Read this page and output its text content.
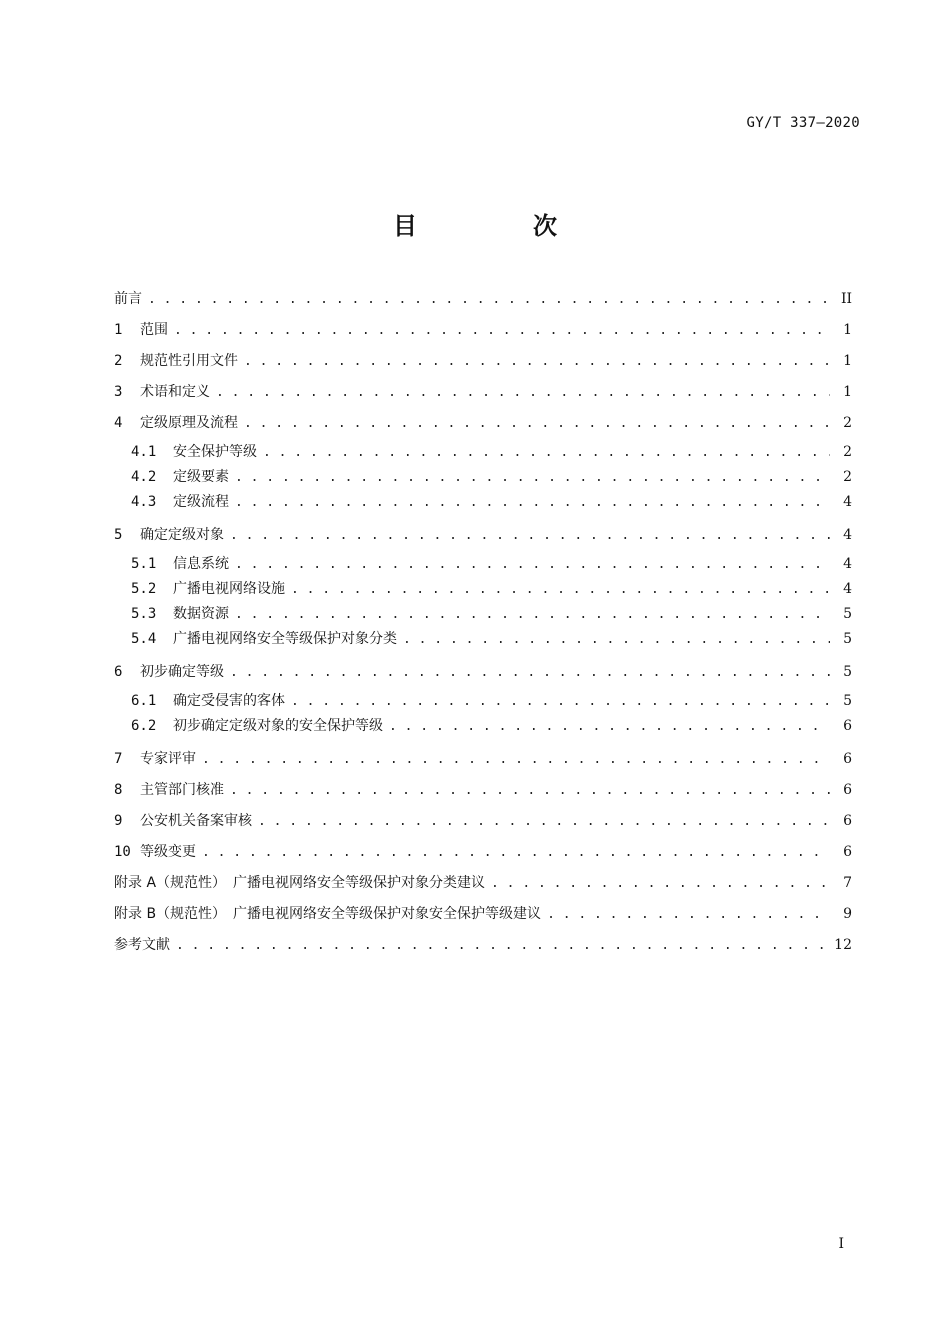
GY/T 337—2020
目　次
前言 . . .	II
1	范围 . . .	1
2	规范性引用文件 . . .	1
3	术语和定义 . . .	1
4	定级原理及流程 . . .	2
4.1	安全保护等级 . . .	2
4.2	定级要素 . . .	2
4.3	定级流程 . . .	4
5	确定定级对象 . . .	4
5.1	信息系统 . . .	4
5.2	广播电视网络设施 . . .	4
5.3	数据资源 . . .	5
5.4	广播电视网络安全等级保护对象分类 . . .	5
6	初步确定等级 . . .	5
6.1	确定受侵害的客体 . . .	5
6.2	初步确定定级对象的安全保护等级 . . .	6
7	专家评审 . . .	6
8	主管部门核准 . . .	6
9	公安机关备案审核 . . .	6
10 等级变更 . . .	6
附录 A（规范性）　广播电视网络安全等级保护对象分类建议 . . .	7
附录 B（规范性）　广播电视网络安全等级保护对象安全保护等级建议 . . .	9
参考文献 . . .	12
I
